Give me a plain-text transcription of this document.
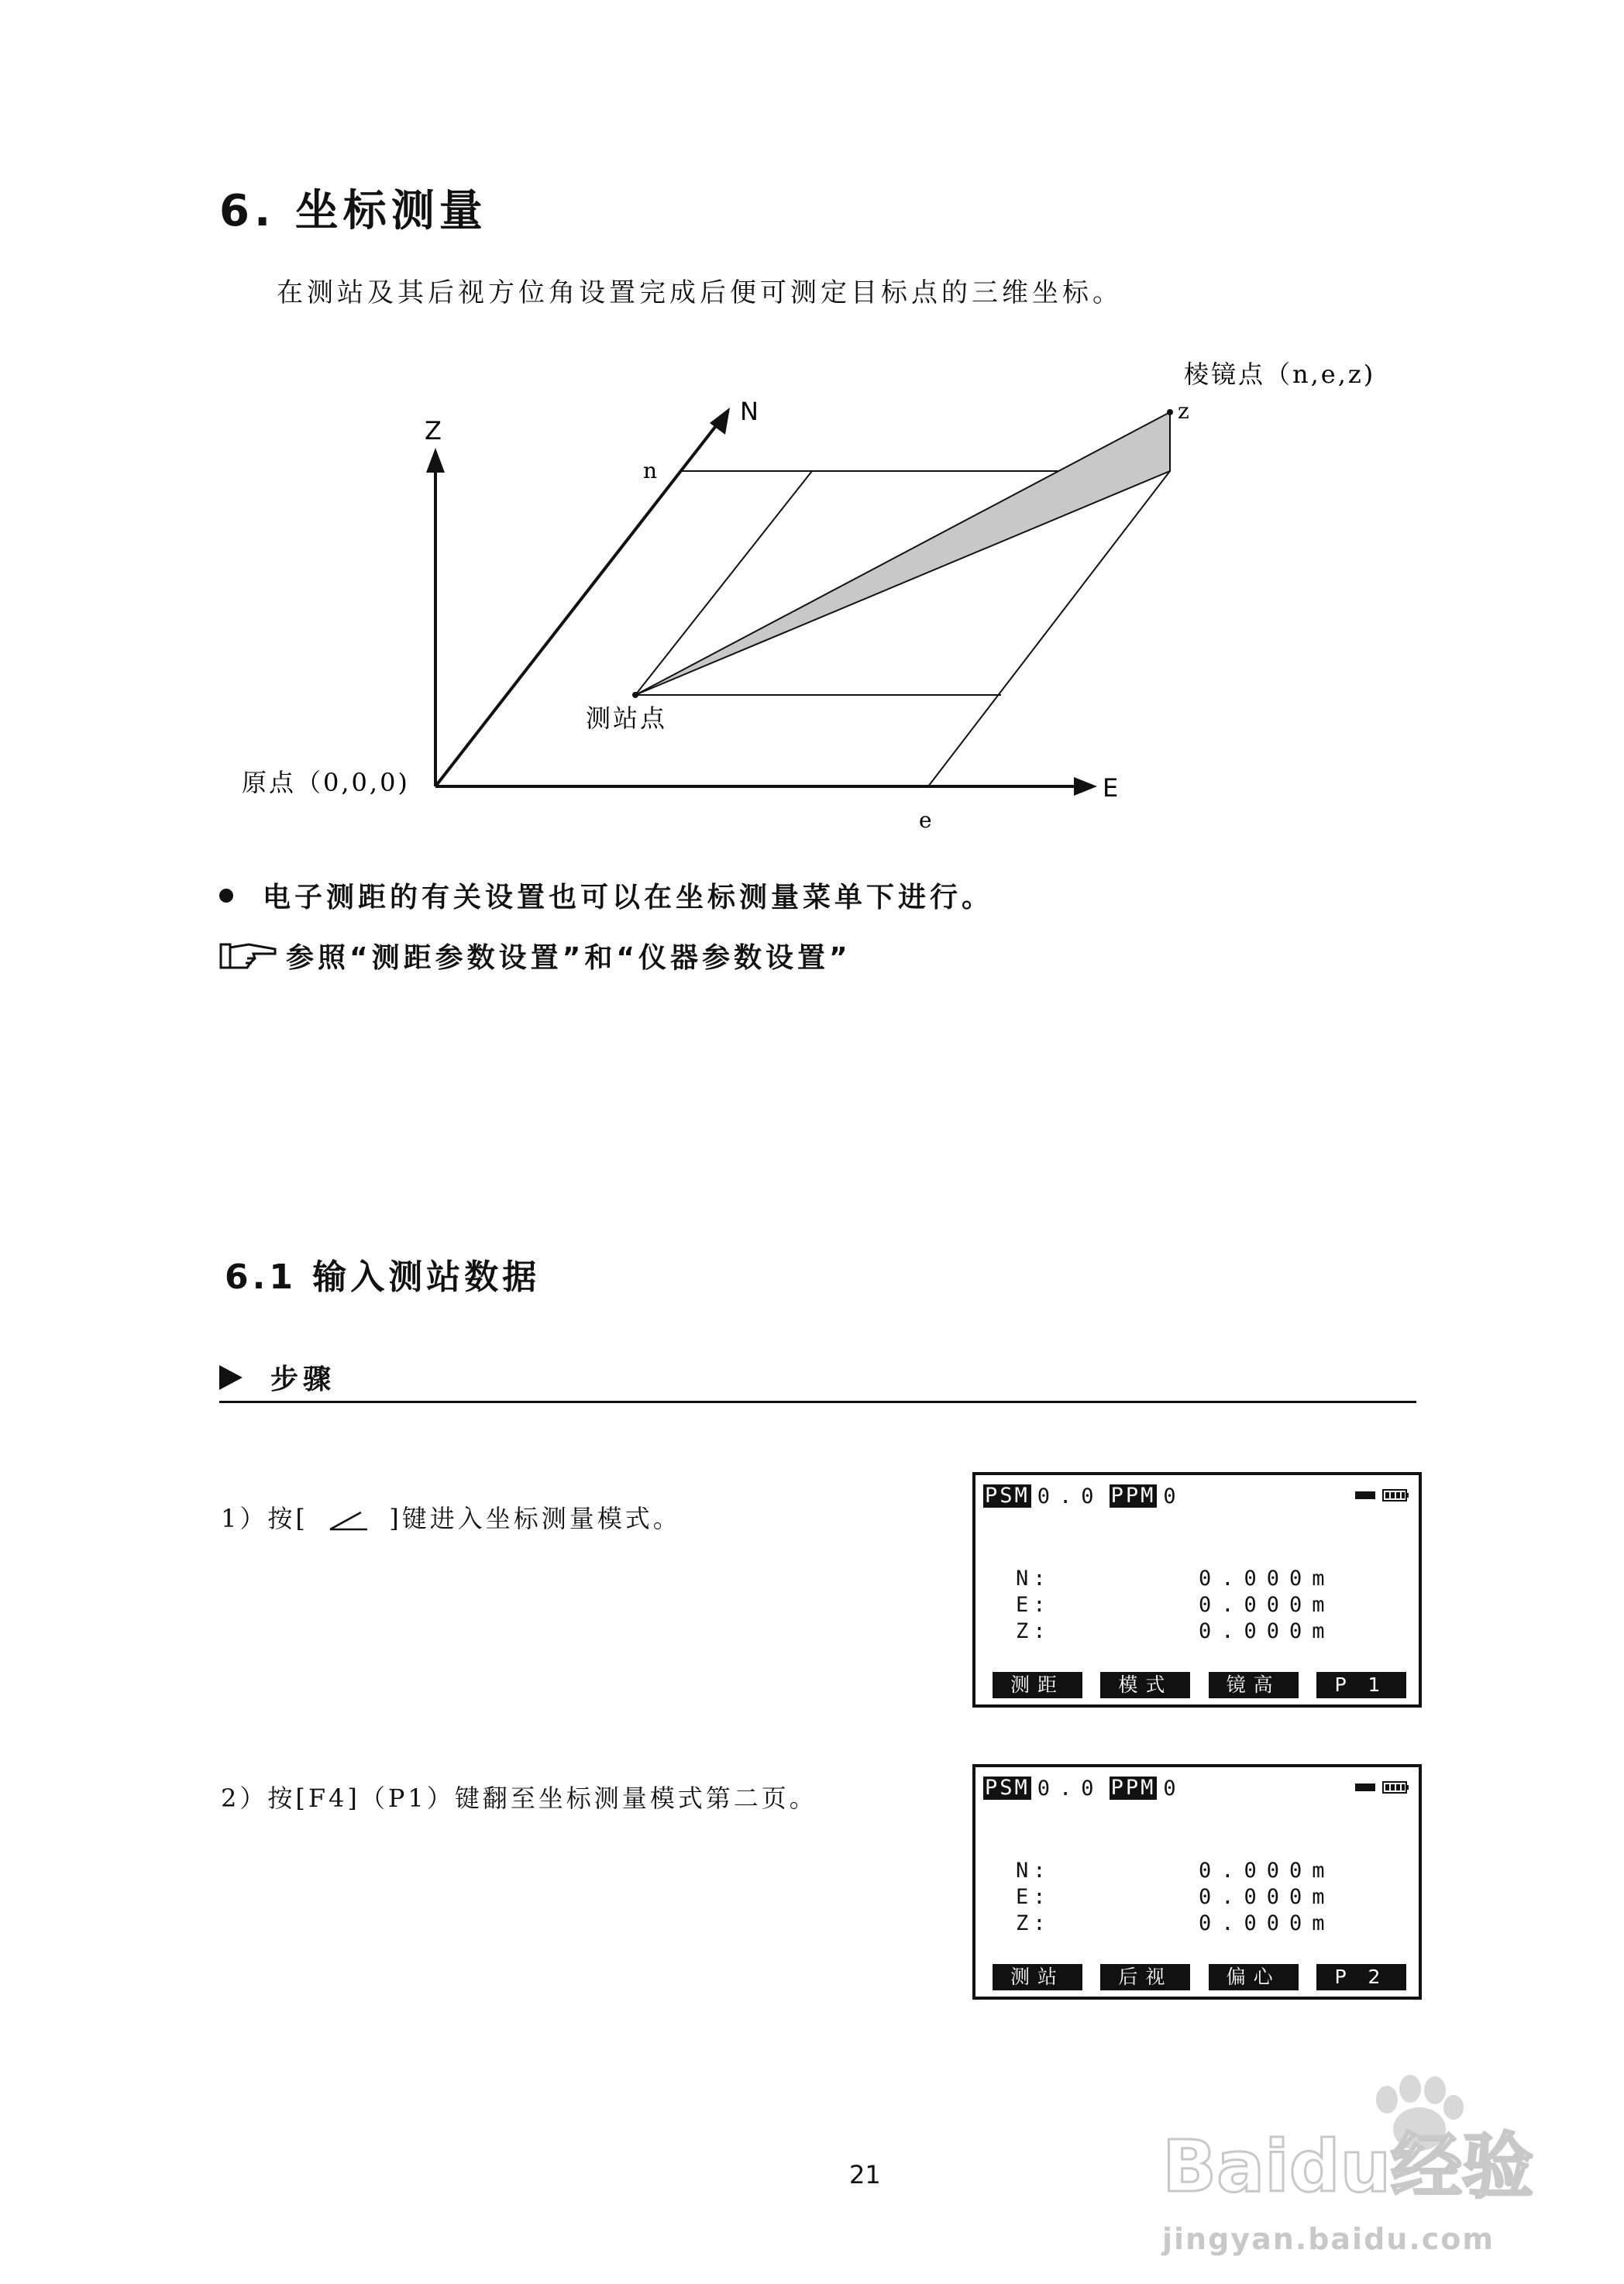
6. 坐标测量
在测站及其后视方位角设置完成后便可测定目标点的三维坐标。
Z
N
E
n
e
z
棱镜点（n,e,z)
测站点
原点（0,0,0)
电子测距的有关设置也可以在坐标测量菜单下进行。
参照“测距参数设置”和“仪器参数设置”
6.1 输入测站数据
步骤
1）按[	]键进入坐标测量模式。
PSM 0.0 PPM 0
N:	0.000m
E:	0.000m
Z:	0.000m
测距	模式	镜高	P 1
2）按[F4]（P1）键翻至坐标测量模式第二页。	PSM 0.0 PPM 0
N:	0.000m
E:	0.000m
Z:	0.000m
测站	后视	偏心	P 2
21	Baidu经验
jingyan.baidu.com
